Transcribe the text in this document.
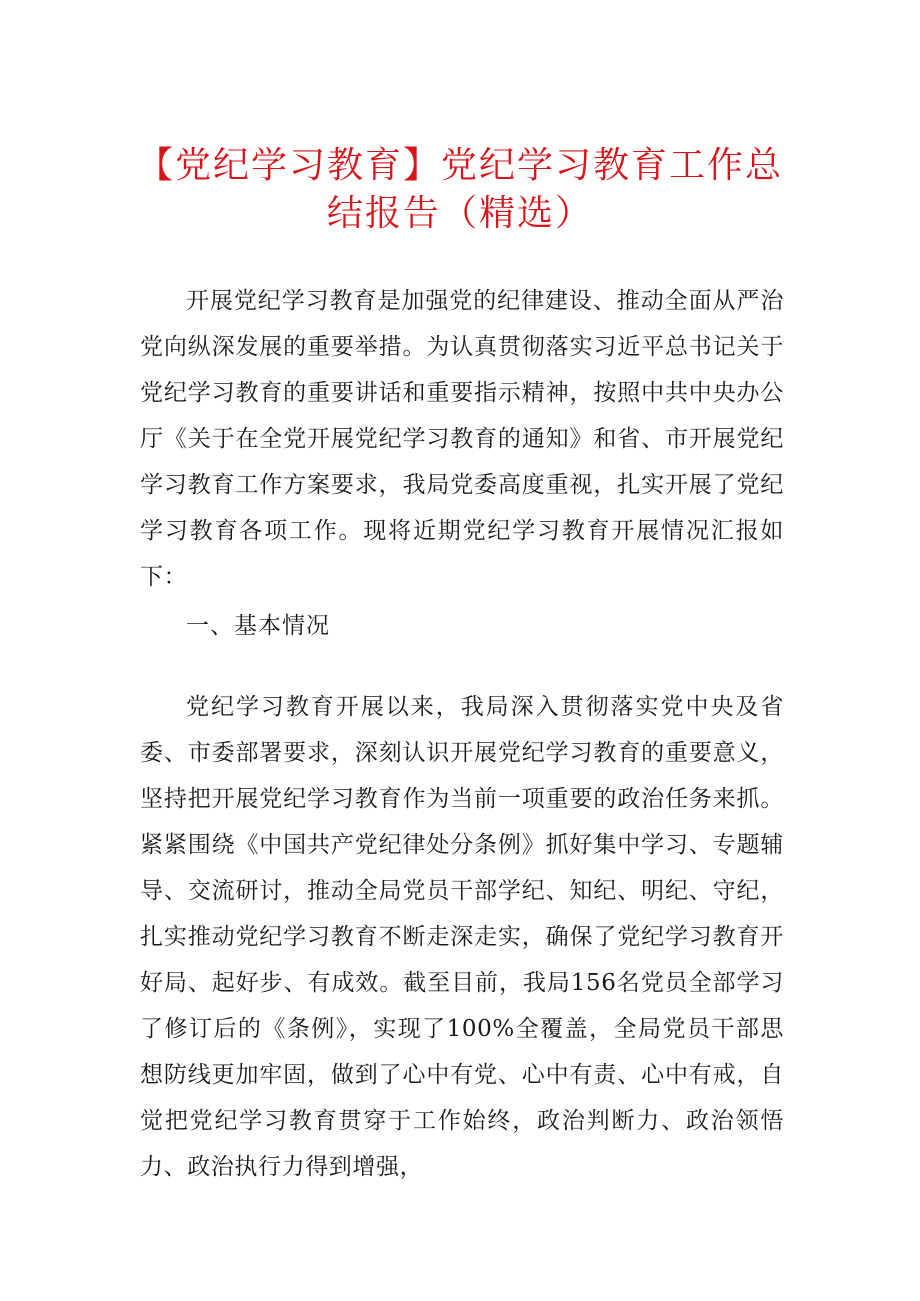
【党纪学习教育】党纪学习教育工作总结报告（精选）

开展党纪学习教育是加强党的纪律建设、推动全面从严治党向纵深发展的重要举措。为认真贯彻落实习近平总书记关于党纪学习教育的重要讲话和重要指示精神，按照中共中央办公厅《关于在全党开展党纪学习教育的通知》和省、市开展党纪学习教育工作方案要求，我局党委高度重视，扎实开展了党纪学习教育各项工作。现将近期党纪学习教育开展情况汇报如下：

一、基本情况

党纪学习教育开展以来，我局深入贯彻落实党中央及省委、市委部署要求，深刻认识开展党纪学习教育的重要意义，坚持把开展党纪学习教育作为当前一项重要的政治任务来抓。紧紧围绕《中国共产党纪律处分条例》抓好集中学习、专题辅导、交流研讨，推动全局党员干部学纪、知纪、明纪、守纪，扎实推动党纪学习教育不断走深走实，确保了党纪学习教育开好局、起好步、有成效。截至目前，我局156名党员全部学习了修订后的《条例》，实现了100%全覆盖，全局党员干部思想防线更加牢固，做到了心中有党、心中有责、心中有戒，自觉把党纪学习教育贯穿于工作始终，政治判断力、政治领悟力、政治执行力得到增强，
